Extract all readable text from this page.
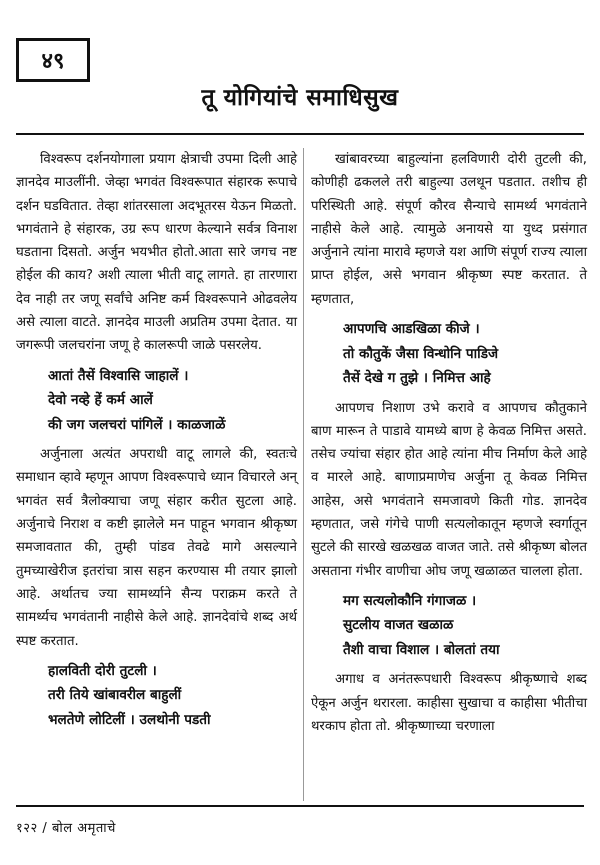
४९
तू योगियांचे समाधिसुख

विश्वरूप दर्शनयोगाला प्रयाग क्षेत्राची उपमा दिली आहे ज्ञानदेव माउलींनी. जेव्हा भगवंत विश्वरूपात संहारक रूपाचे दर्शन घडवितात. तेव्हा शांतरसाला अदभूतरस येऊन मिळतो. भगवंताने हे संहारक, उग्र रूप धारण केल्याने सर्वत्र विनाश घडताना दिसतो. अर्जुन भयभीत होतो.आता सारे जगच नष्ट होईल की काय? अशी त्याला भीती वाटू लागते. हा तारणारा देव नाही तर जणू सर्वांचे अनिष्ट कर्म विश्वरूपाने ओढवलेय असे त्याला वाटते. ज्ञानदेव माउली अप्रतिम उपमा देतात. या जगरूपी जलचरांना जणू हे कालरूपी जाळे पसरलेय.

आतां तैसें विश्वासि जाहालें ।
देवो नव्हे हें कर्म आलें
की जग जलचरां पांगिलें । काळजाळें

अर्जुनाला अत्यंत अपराधी वाटू लागले की, स्वतःचे समाधान व्हावे म्हणून आपण विश्वरूपाचे ध्यान विचारले अन् भगवंत सर्व त्रैलोक्याचा जणू संहार करीत सुटला आहे. अर्जुनाचे निराश व कष्टी झालेले मन पाहून भगवान श्रीकृष्ण समजावतात की, तुम्ही पांडव तेवढे मागे असल्याने तुमच्याखेरीज इतरांचा त्रास सहन करण्यास मी तयार झालो आहे. अर्थातच ज्या सामर्थ्याने सैन्य पराक्रम करते ते सामर्थ्यच भगवंतानी नाहीसे केले आहे. ज्ञानदेवांचे शब्द अर्थ स्पष्ट करतात.

हालविती दोरी तुटली ।
तरी तिये खांबावरील बाहुलीं
भलतेणे लोटिलीं । उलथोनी पडती

खांबावरच्या बाहुल्यांना हलविणारी दोरी तुटली की, कोणीही ढकलले तरी बाहुल्या उलथून पडतात. तशीच ही परिस्थिती आहे. संपूर्ण कौरव सैन्याचे सामर्थ्य भगवंताने नाहीसे केले आहे. त्यामुळे अनायसे या युध्द प्रसंगात अर्जुनाने त्यांना मारावे म्हणजे यश आणि संपूर्ण राज्य त्याला प्राप्त होईल, असे भगवान श्रीकृष्ण स्पष्ट करतात. ते म्हणतात,

आपणचि आडखिळा कीजे ।
तो कौतुकें जैसा विन्धोनि पाडिजे
तैसें देखे ग तुझे । निमित्त आहे

आपणच निशाण उभे करावे व आपणच कौतुकाने बाण मारून ते पाडावे यामध्ये बाण हे केवळ निमित्त असते. तसेच ज्यांचा संहार होत आहे त्यांना मीच निर्माण केले आहे व मारले आहे. बाणाप्रमाणेच अर्जुना तू केवळ निमित्त आहेस, असे भगवंताने समजावणे किती गोड. ज्ञानदेव म्हणतात, जसे गंगेचे पाणी सत्यलोकातून म्हणजे स्वर्गातून सुटले की सारखे खळखळ वाजत जाते. तसे श्रीकृष्ण बोलत असताना गंभीर वाणीचा ओघ जणू खळाळत चालला होता.

मग सत्यलोकौनि गंगाजळ ।
सुटलीय वाजत खळाळ
तैशी वाचा विशाल । बोलतां तया

अगाध व अनंतरूपधारी विश्वरूप श्रीकृष्णाचे शब्द ऐकून अर्जुन थरारला. काहीसा सुखाचा व काहीसा भीतीचा थरकाप होता तो. श्रीकृष्णाच्या चरणाला

१२२ / बोल अमृताचे
